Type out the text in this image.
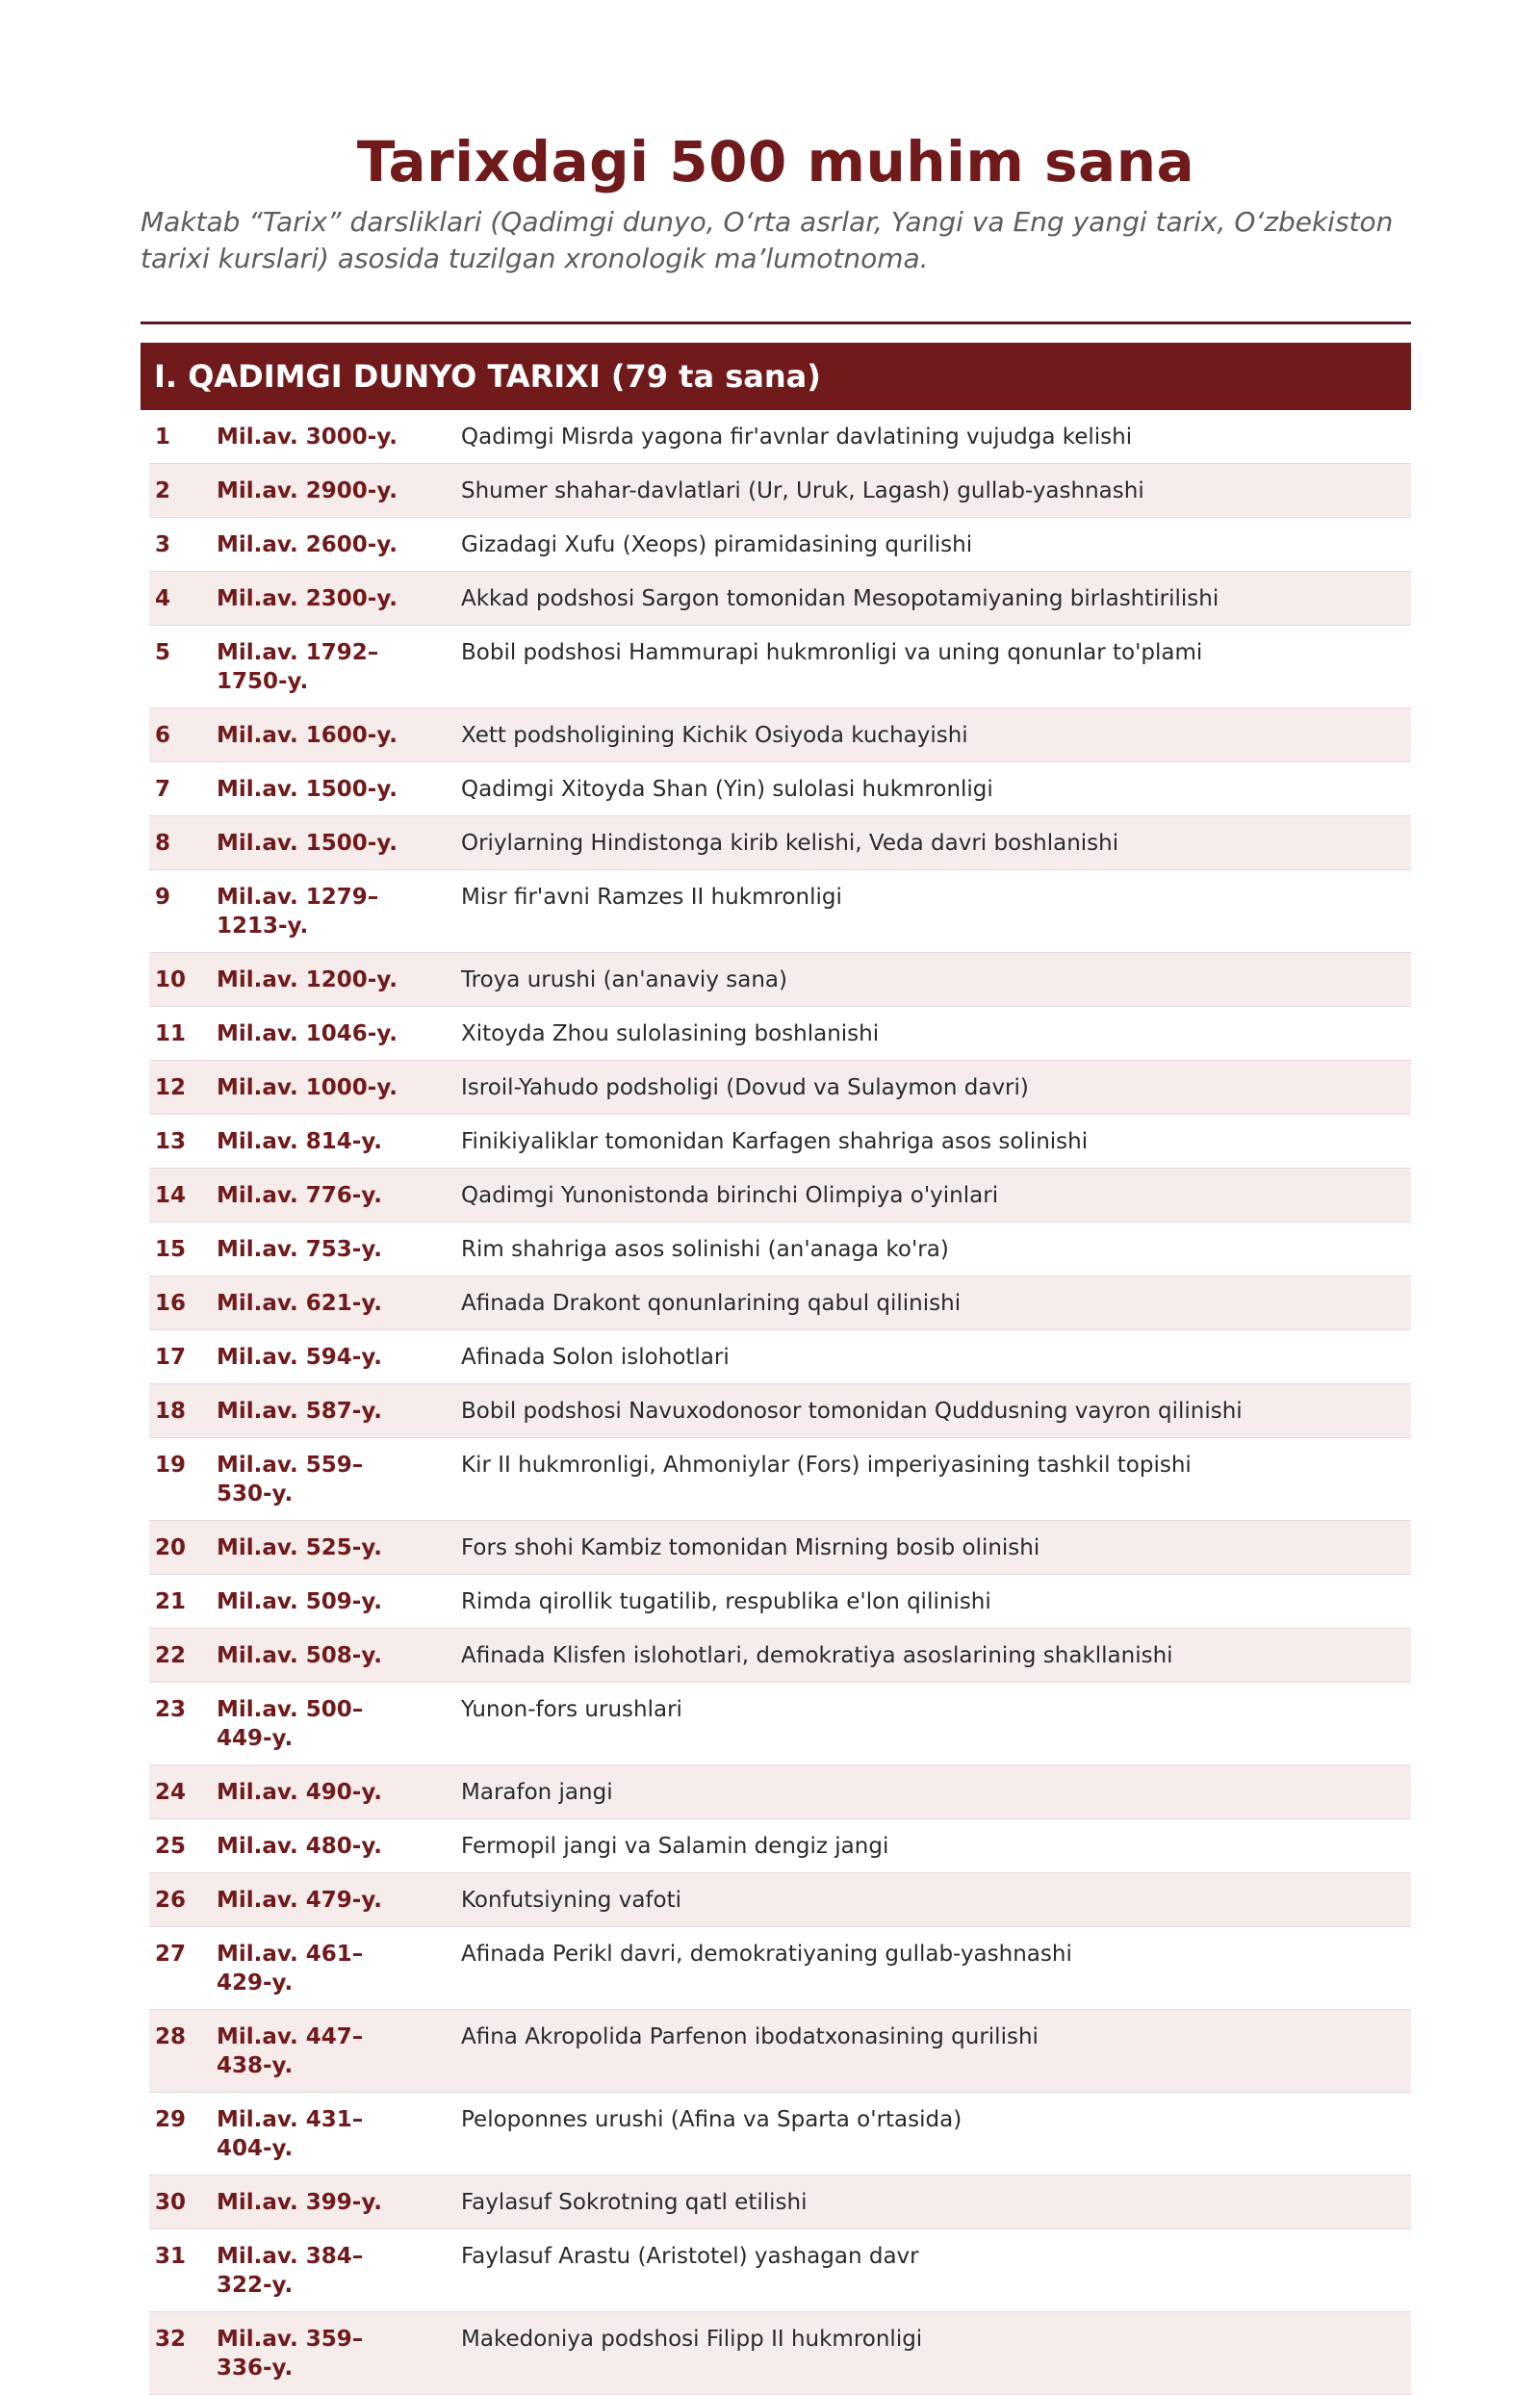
Tarixdagi 500 muhim sana
Maktab “Tarix” darsliklari (Qadimgi dunyo, O‘rta asrlar, Yangi va Eng yangi tarix, O‘zbekiston tarixi kurslari) asosida tuzilgan xronologik ma’lumotnoma.
I. QADIMGI DUNYO TARIXI (79 ta sana)
1	Mil.av. 3000-y.	Qadimgi Misrda yagona fir'avnlar davlatining vujudga kelishi
2	Mil.av. 2900-y.	Shumer shahar-davlatlari (Ur, Uruk, Lagash) gullab-yashnashi
3	Mil.av. 2600-y.	Gizadagi Xufu (Xeops) piramidasining qurilishi
4	Mil.av. 2300-y.	Akkad podshosi Sargon tomonidan Mesopotamiyaning birlashtirilishi
5	Mil.av. 1792–1750-y.	Bobil podshosi Hammurapi hukmronligi va uning qonunlar to'plami
6	Mil.av. 1600-y.	Xett podsholigining Kichik Osiyoda kuchayishi
7	Mil.av. 1500-y.	Qadimgi Xitoyda Shan (Yin) sulolasi hukmronligi
8	Mil.av. 1500-y.	Oriylarning Hindistonga kirib kelishi, Veda davri boshlanishi
9	Mil.av. 1279–1213-y.	Misr fir'avni Ramzes II hukmronligi
10	Mil.av. 1200-y.	Troya urushi (an'anaviy sana)
11	Mil.av. 1046-y.	Xitoyda Zhou sulolasining boshlanishi
12	Mil.av. 1000-y.	Isroil-Yahudo podsholigi (Dovud va Sulaymon davri)
13	Mil.av. 814-y.	Finikiyaliklar tomonidan Karfagen shahriga asos solinishi
14	Mil.av. 776-y.	Qadimgi Yunonistonda birinchi Olimpiya o'yinlari
15	Mil.av. 753-y.	Rim shahriga asos solinishi (an'anaga ko'ra)
16	Mil.av. 621-y.	Afinada Drakont qonunlarining qabul qilinishi
17	Mil.av. 594-y.	Afinada Solon islohotlari
18	Mil.av. 587-y.	Bobil podshosi Navuxodonosor tomonidan Quddusning vayron qilinishi
19	Mil.av. 559–530-y.	Kir II hukmronligi, Ahmoniylar (Fors) imperiyasining tashkil topishi
20	Mil.av. 525-y.	Fors shohi Kambiz tomonidan Misrning bosib olinishi
21	Mil.av. 509-y.	Rimda qirollik tugatilib, respublika e'lon qilinishi
22	Mil.av. 508-y.	Afinada Klisfen islohotlari, demokratiya asoslarining shakllanishi
23	Mil.av. 500–449-y.	Yunon-fors urushlari
24	Mil.av. 490-y.	Marafon jangi
25	Mil.av. 480-y.	Fermopil jangi va Salamin dengiz jangi
26	Mil.av. 479-y.	Konfutsiyning vafoti
27	Mil.av. 461–429-y.	Afinada Perikl davri, demokratiyaning gullab-yashnashi
28	Mil.av. 447–438-y.	Afina Akropolida Parfenon ibodatxonasining qurilishi
29	Mil.av. 431–404-y.	Peloponnes urushi (Afina va Sparta o'rtasida)
30	Mil.av. 399-y.	Faylasuf Sokrotning qatl etilishi
31	Mil.av. 384–322-y.	Faylasuf Arastu (Aristotel) yashagan davr
32	Mil.av. 359–336-y.	Makedoniya podshosi Filipp II hukmronligi
